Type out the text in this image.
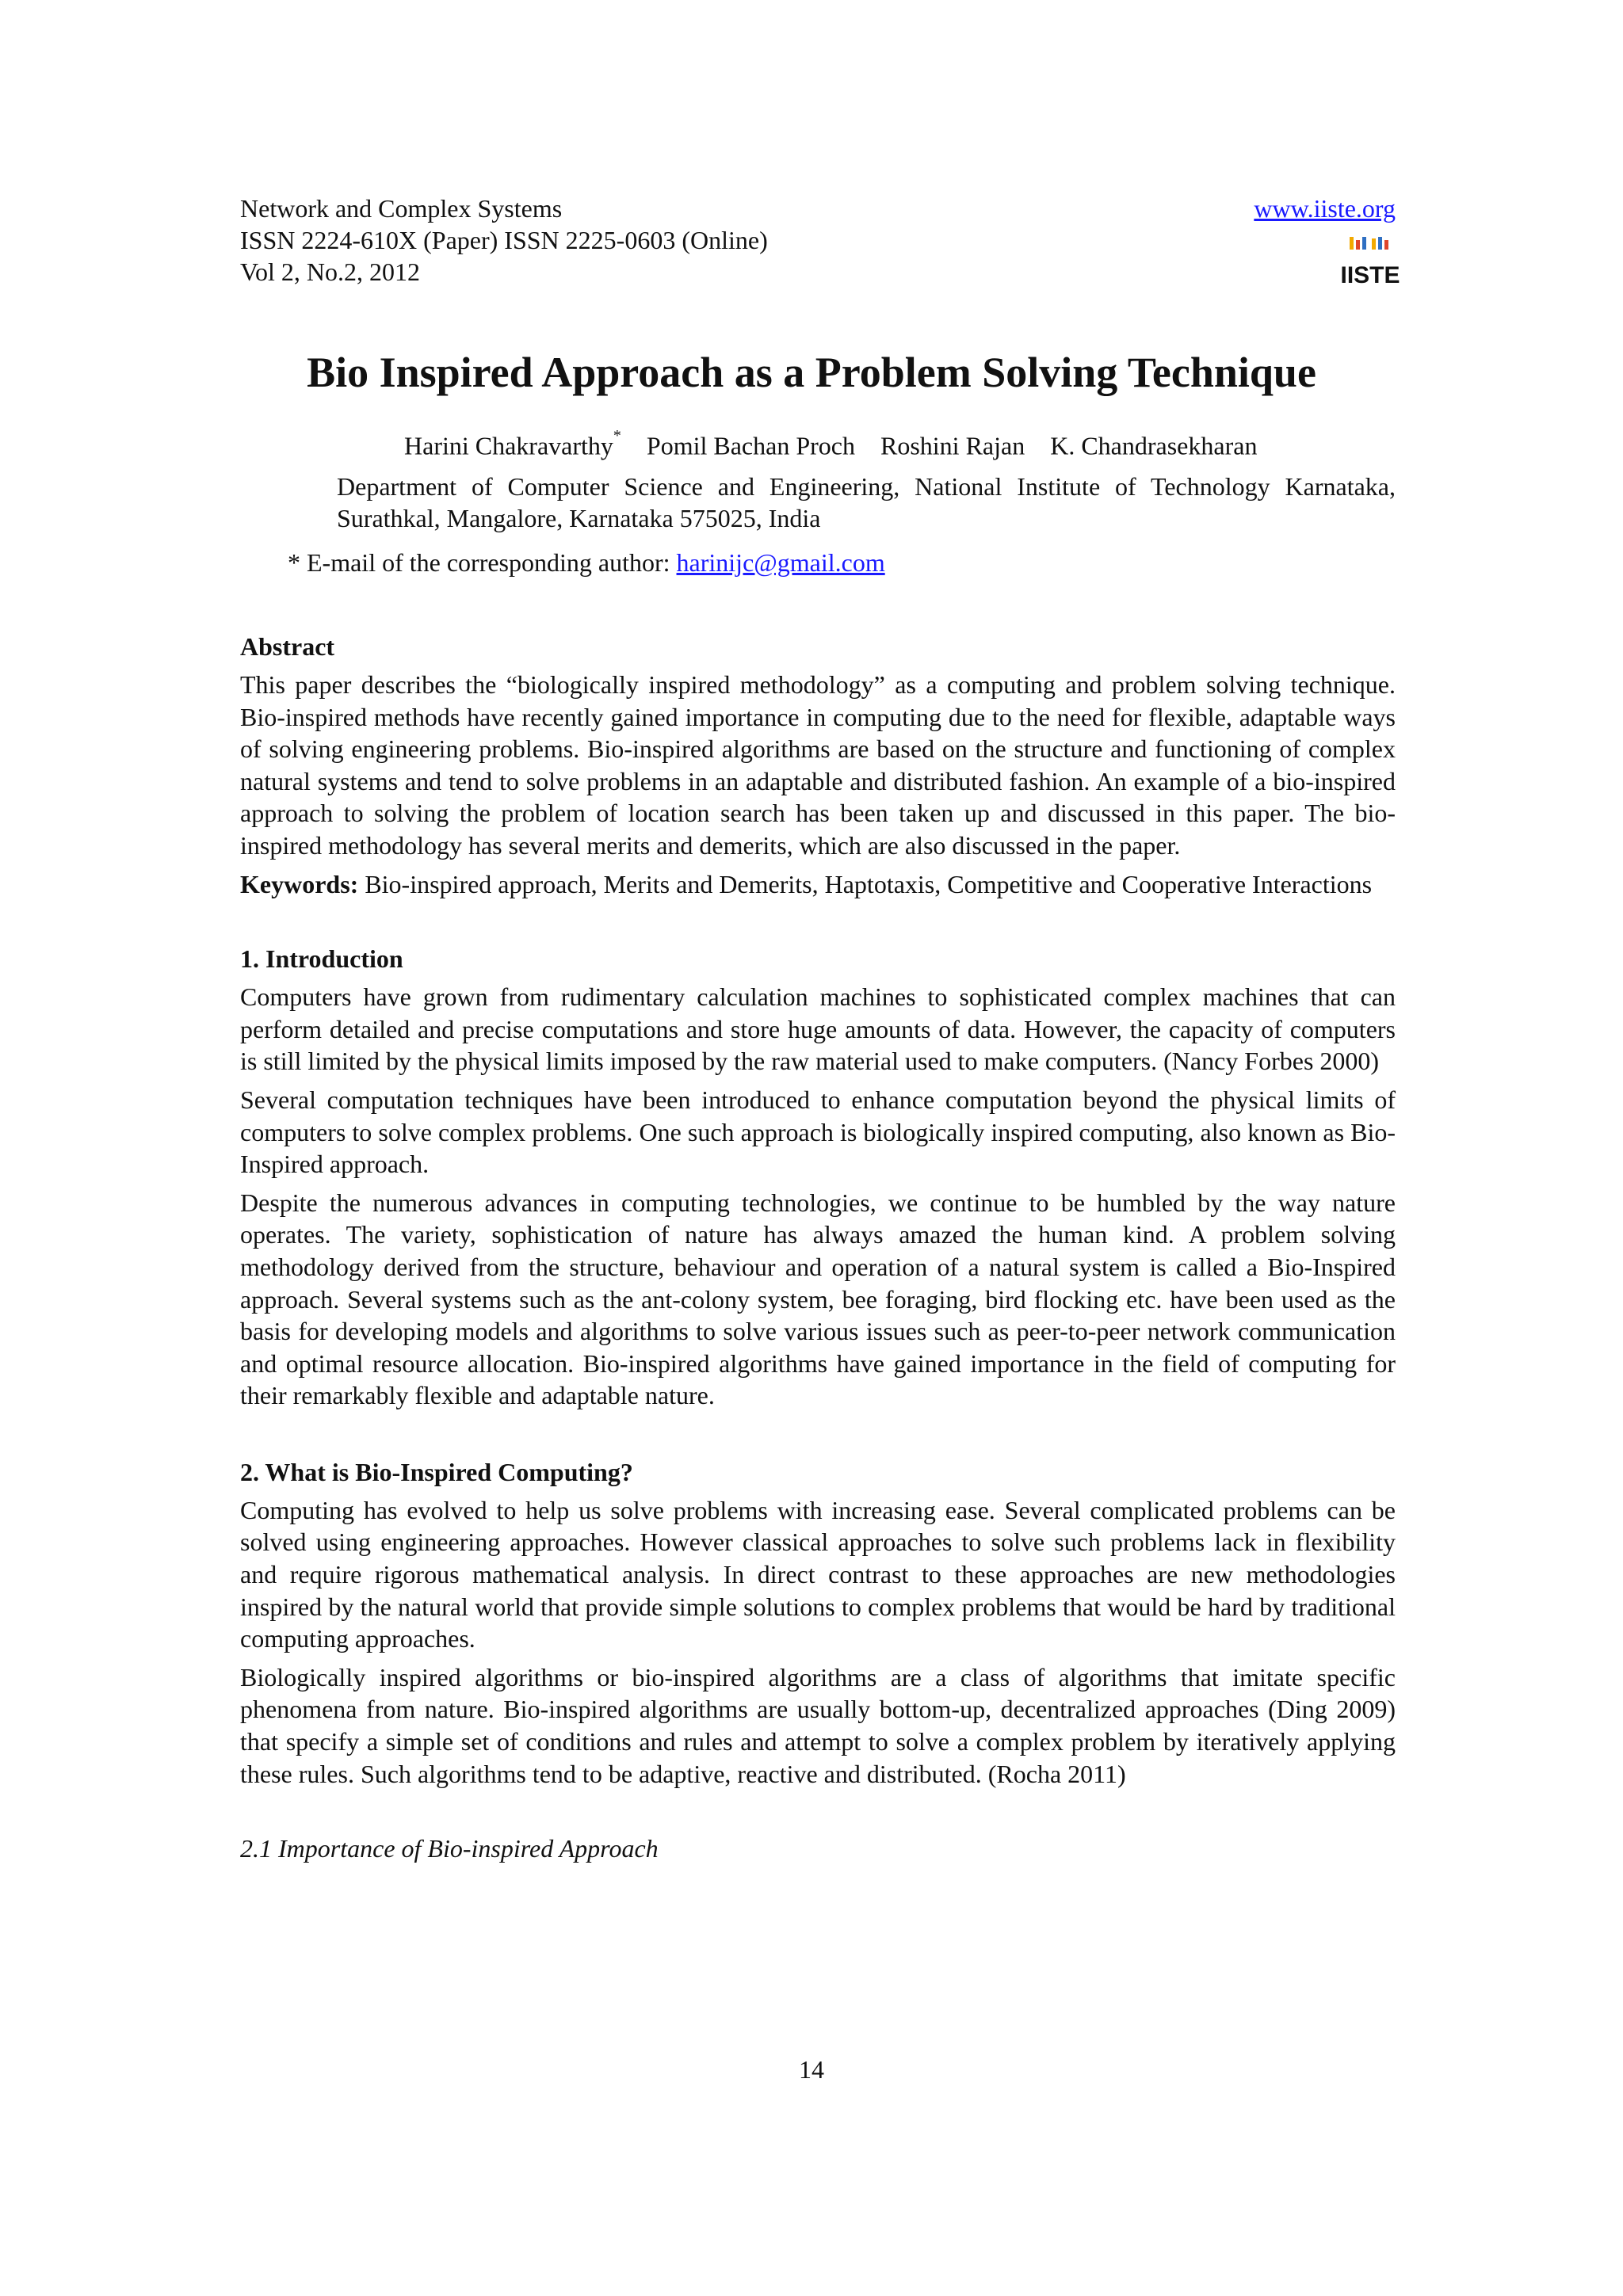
Network and Complex Systems
ISSN 2224-610X (Paper) ISSN 2225-0603 (Online)
Vol 2, No.2, 2012
www.iiste.org
IISTE
Bio Inspired Approach as a Problem Solving Technique
Harini Chakravarthy* Pomil Bachan Proch Roshini Rajan K. Chandrasekharan
Department of Computer Science and Engineering, National Institute of Technology Karnataka, Surathkal, Mangalore, Karnataka 575025, India
* E-mail of the corresponding author: harinijc@gmail.com
Abstract

This paper describes the “biologically inspired methodology” as a computing and problem solving technique. Bio-inspired methods have recently gained importance in computing due to the need for flexible, adaptable ways of solving engineering problems. Bio-inspired algorithms are based on the structure and functioning of complex natural systems and tend to solve problems in an adaptable and distributed fashion. An example of a bio-inspired approach to solving the problem of location search has been taken up and discussed in this paper. The bio-inspired methodology has several merits and demerits, which are also discussed in the paper.

Keywords: Bio-inspired approach, Merits and Demerits, Haptotaxis, Competitive and Cooperative Interactions

1. Introduction

Computers have grown from rudimentary calculation machines to sophisticated complex machines that can perform detailed and precise computations and store huge amounts of data. However, the capacity of computers is still limited by the physical limits imposed by the raw material used to make computers. (Nancy Forbes 2000)

Several computation techniques have been introduced to enhance computation beyond the physical limits of computers to solve complex problems. One such approach is biologically inspired computing, also known as Bio-Inspired approach.

Despite the numerous advances in computing technologies, we continue to be humbled by the way nature operates. The variety, sophistication of nature has always amazed the human kind. A problem solving methodology derived from the structure, behaviour and operation of a natural system is called a Bio-Inspired approach. Several systems such as the ant-colony system, bee foraging, bird flocking etc. have been used as the basis for developing models and algorithms to solve various issues such as peer-to-peer network communication and optimal resource allocation. Bio-inspired algorithms have gained importance in the field of computing for their remarkably flexible and adaptable nature.

2. What is Bio-Inspired Computing?

Computing has evolved to help us solve problems with increasing ease. Several complicated problems can be solved using engineering approaches. However classical approaches to solve such problems lack in flexibility and require rigorous mathematical analysis. In direct contrast to these approaches are new methodologies inspired by the natural world that provide simple solutions to complex problems that would be hard by traditional computing approaches.

Biologically inspired algorithms or bio-inspired algorithms are a class of algorithms that imitate specific phenomena from nature. Bio-inspired algorithms are usually bottom-up, decentralized approaches (Ding 2009) that specify a simple set of conditions and rules and attempt to solve a complex problem by iteratively applying these rules. Such algorithms tend to be adaptive, reactive and distributed. (Rocha 2011)

2.1 Importance of Bio-inspired Approach
14
